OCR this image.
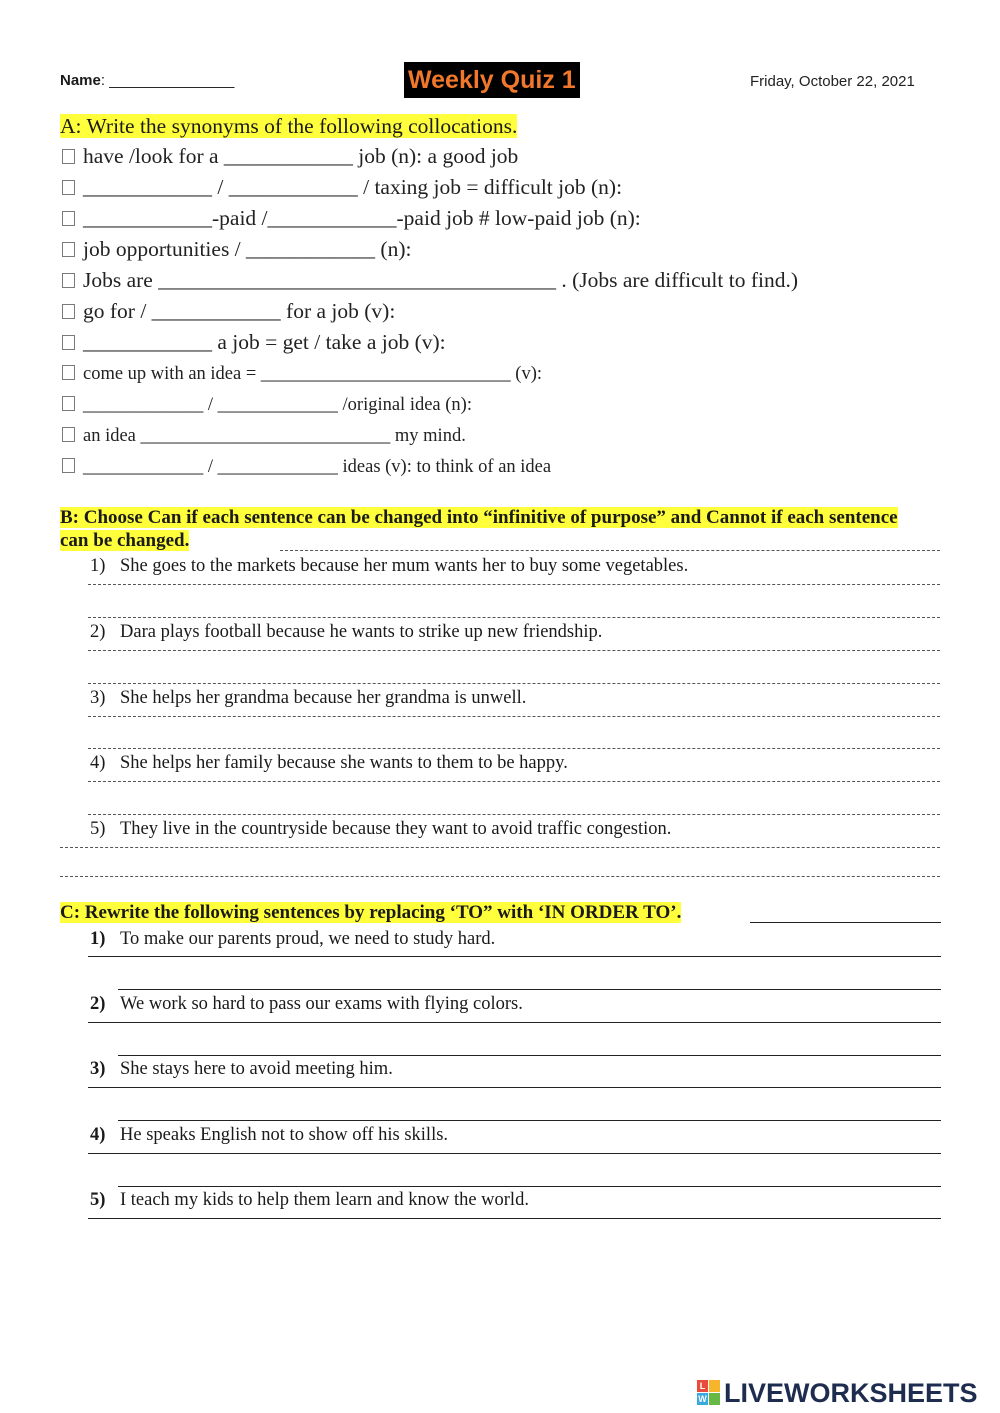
Name: _______________	Weekly Quiz 1	Friday, October 22, 2021
A: Write the synonyms of the following collocations.
have /look for a ____________ job (n): a good job
____________ / ____________ / taxing job = difficult job (n):
____________-paid /____________-paid job # low-paid job (n):
job opportunities / ____________ (n):
Jobs are _____________________________________ . (Jobs are difficult to find.)
go for / ____________ for a job (v):
____________ a job = get / take a job (v):
come up with an idea = ___________________________ (v):
_____________ / _____________ /original idea (n):
an idea ___________________________ my mind.
_____________ / _____________ ideas (v): to think of an idea
B: Choose Can if each sentence can be changed into “infinitive of purpose” and Cannot if each sentence can be changed.
1) She goes to the markets because her mum wants her to buy some vegetables.
2) Dara plays football because he wants to strike up new friendship.
3) She helps her grandma because her grandma is unwell.
4) She helps her family because she wants to them to be happy.
5) They live in the countryside because they want to avoid traffic congestion.
C: Rewrite the following sentences by replacing ‘TO” with ‘IN ORDER TO’.
1) To make our parents proud, we need to study hard.
2) We work so hard to pass our exams with flying colors.
3) She stays here to avoid meeting him.
4) He speaks English not to show off his skills.
5) I teach my kids to help them learn and know the world.
L
W LIVEWORKSHEETS
